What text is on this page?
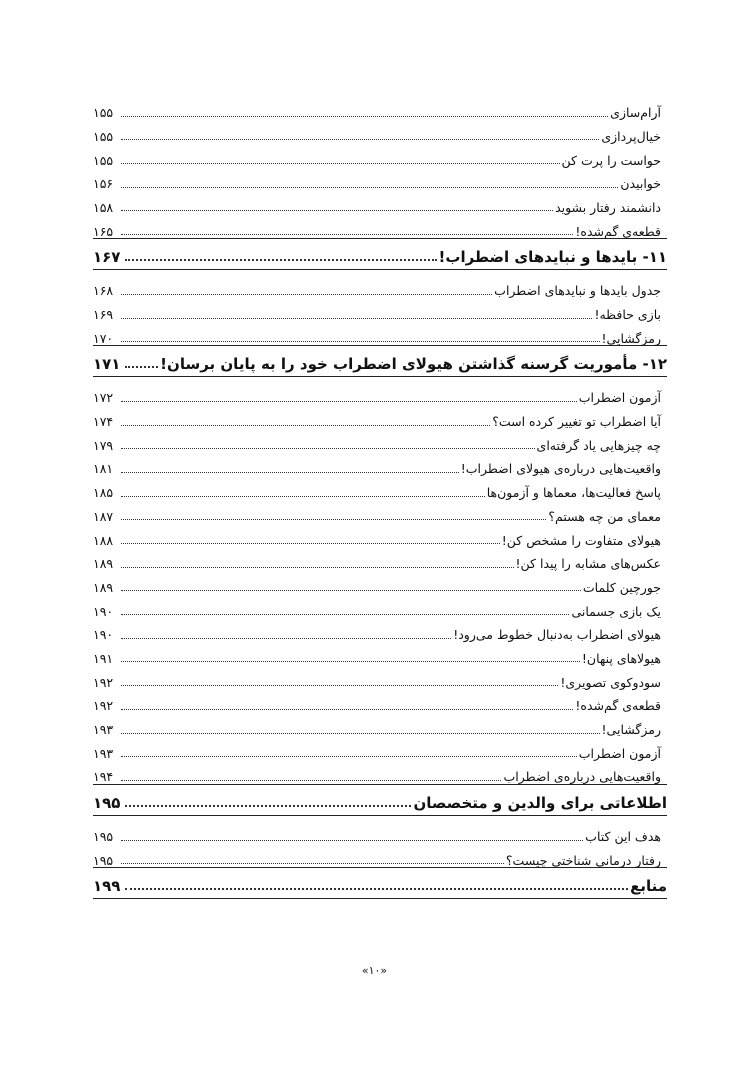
آرام‌سازی
۱۵۵
خیال‌پردازی
۱۵۵
حواست را پرت کن
۱۵۵
خوابیدن
۱۵۶
دانشمند رفتار بشوید
۱۵۸
قطعه‌ی گم‌شده!
۱۶۵
۱۱- بایدها و نبایدهای اضطراب!
۱۶۷
جدول بایدها و نبایدهای اضطراب
۱۶۸
بازی حافظه!
۱۶۹
رمزگشایی!
۱۷۰
۱۲- مأموریت گرسنه گذاشتن هیولای اضطراب خود را به پایان برسان!
۱۷۱
آزمون اضطراب
۱۷۲
آیا اضطراب تو تغییر کرده است؟
۱۷۴
چه چیزهایی یاد گرفته‌ای
۱۷۹
واقعیت‌هایی درباره‌ی هیولای اضطراب!
۱۸۱
پاسخ فعالیت‌ها، معماها و آزمون‌ها
۱۸۵
معمای من چه هستم؟
۱۸۷
هیولای متفاوت را مشخص کن!
۱۸۸
عکس‌های مشابه را پیدا کن!
۱۸۹
جورچین کلمات
۱۸۹
یک بازی جسمانی
۱۹۰
هیولای اضطراب به‌دنبال خطوط می‌رود!
۱۹۰
هیولاهای پنهان!
۱۹۱
سودوکوی تصویری!
۱۹۲
قطعه‌ی گم‌شده!
۱۹۲
رمزگشایی!
۱۹۳
آزمون اضطراب
۱۹۳
واقعیت‌هایی درباره‌ی اضطراب
۱۹۴
اطلاعاتی برای والدین و متخصصان
۱۹۵
هدف این کتاب
۱۹۵
رفتار درمانی شناختی چیست؟
۱۹۵
منابع
۱۹۹
«۱۰»
